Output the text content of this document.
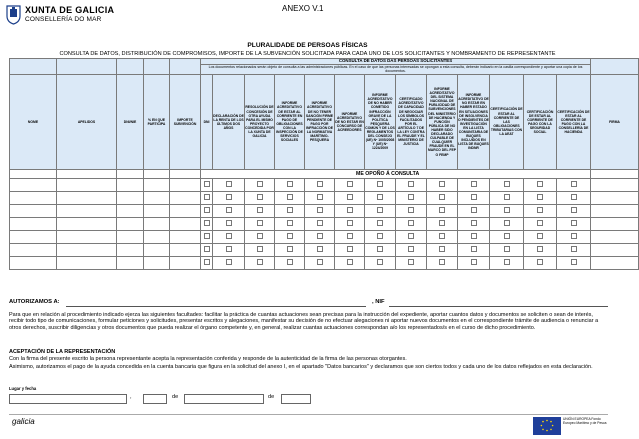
XUNTA DE GALICIA
CONSELLERÍA DO MAR
ANEXO V.1
PLURALIDADE DE PERSOAS FÍSICAS
CONSULTA DE DATOS, DISTRIBUCIÓN DE COMPROMISOS, IMPORTE DE LA SUBVENCIÓN SOLICITADA PARA CADA UNO DE LOS SOLICITANTES Y NOMBRAMENTO DE REPRESENTANTE
					CONSULTA DE DATOS DAS PERSOAS SOLICITANTES													
					Los documentos relacionados serán objeto de consulta a las administraciones públicas. En el caso de que las personas interesadas se opongan a esta consulta, deberán indicarlo en la casilla correspondiente y aportar una copia de los documentos.													
NOME	APELIDOS	DNI/NIE	% EN QUE PARTICIPA	IMPORTE SUBVENCIÓN	DNI	DECLARACIÓN DE LA RENTA DE LOS ÚLTIMOS DOS AÑOS	RESOLUCIÓN DE CONCESIÓN DE OTRA AYUDA PARA EL MISMO PROYECTO CONCEDIDA POR LA XUNTA DE GALICIA	INFORME ACREDITATIVO DE ESTAR AL CORRIENTE EN PAGO DE OBLIGACIONES CON LA INSPECCIÓN DE SERVICIOS SOCIALES	INFORME ACREDITATIVO DE NO TENER SANCIÓN FIRME PENDIENTE DE PAGO POR INFRACCIÓN DE LA NORMATIVA MARÍTIMO-PESQUERA	INFORME ACREDITATIVO DE NO ESTAR EN CONCURSO DE ACREEDORES	INFORME ACREDITATIVO DE NO HABER COMETIDO INFRACCIÓN GRAVE DE LA POLÍTICA PESQUERA COMÚN Y DE LOS REGLAMENTOS DEL CONSEJO (UE) Nº 1005/2008 Y (UE) Nº 1224/2009	CERTIFICADO ACREDITATIVO DE CAPACIDAD DE NEGOCIAR LOS SÍMBOLOS FACILITADOS POR EL ARTÍCULO 7 DE LA LEY CONTRA EL FRAUDE Y EL MINISTERIO DE JUSTICIA	INFORME ACREDITATIVO DEL SISTEMA NACIONAL DE PUBLICIDAD DE SUBVENCIONES DEL MINISTERIO DE HACIENDA Y FUNCIÓN PÚBLICA DE NO HABER SIDO DECLARADO CULPABLE DE CUALQUIER FRAUDE EN EL MARCO DEL FEP O FEMP	INFORME ACREDITATIVO DE NO ESTAR EN HABER ESTADO EN SITUACIONES DE INSOLVENCIA O PENDIENTES DE INVESTIGACIÓN EN LA LISTA COMUNITARIA DE BUQUES INCLUIDOS EN LISTA DE BUQUES INDNR	CERTIFICACIÓN DE ESTAR AL CORRIENTE DE LAS OBLIGACIONES TRIBUTARIAS CON LA AEAT	CERTIFICACIÓN DE ESTAR AL CORRIENTE DE PAGO CON LA SEGURIDAD SOCIAL	CERTIFICACIÓN DE ESTAR AL CORRIENTE DE PAGO CON LA CONSELLERÍA DE HACIENDA	FIRMA
					ME OPOÑO Á CONSULTA													

AUTORIZAMOS A:	, NIF
Para que en relación al procedimiento indicado ejerza las siguientes facultades: facilitar la práctica de cuantas actuaciones sean precisas para la instrucción del expediente, aportar cuantos datos y documentos se soliciten o sean de interés, recibir todo tipo de comunicaciones, formular peticiones y solicitudes, presentar escritos y alegaciones, manifestar su decisión de no efectuar alegaciones ni aportar nuevos documentos en el correspondiente trámite de audiencia o renunciar a otros derechos, suscribir diligencias y otros documentos que pueda realizar el órgano competente y, en general, realizar cuantas actuaciones correspondan a/o los representados/s en el curso de dicho procedimiento.
ACEPTACIÓN DE LA REPRESENTACIÓN
Con la firma del presente escrito la persona representante acepta la representación conferida y responde de la autenticidad de la firma de las personas otorgantes.
Asimismo, autorizamos el pago de la ayuda concedida en la cuenta bancaria que figura en la solicitud del anexo I, en el apartado "Datos bancarios" y declaramos que son ciertos todos y cada uno de los datos reflejados en esta declaración.
Lugar y fecha
,	de	de
galicia	UNIÓN EUROPEA Fondo Europeo Marítimo y de Pesca
